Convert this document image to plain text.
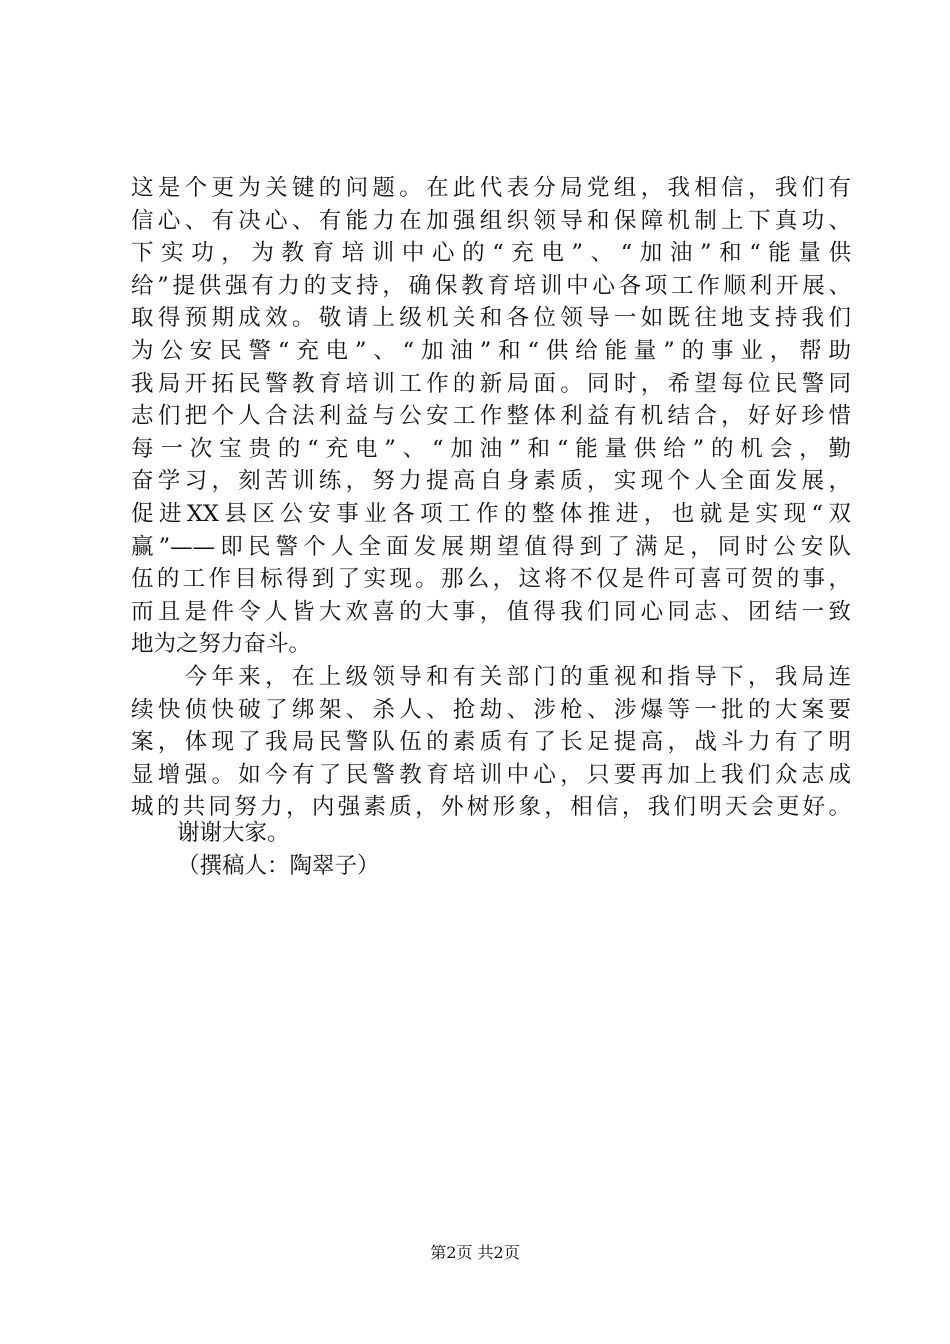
这是个更为关键的问题。在此代表分局党组，我相信，我们有
信心、有决心、有能力在加强组织领导和保障机制上下真功、
下实功，为教育培训中心的“充电”、“加油”和“能量供
给”提供强有力的支持，确保教育培训中心各项工作顺利开展、
取得预期成效。敬请上级机关和各位领导一如既往地支持我们
为公安民警“充电”、“加油”和“供给能量”的事业，帮助
我局开拓民警教育培训工作的新局面。同时，希望每位民警同
志们把个人合法利益与公安工作整体利益有机结合，好好珍惜
每一次宝贵的“充电”、“加油”和“能量供给”的机会，勤
奋学习，刻苦训练，努力提高自身素质，实现个人全面发展，
促进XX县区公安事业各项工作的整体推进，也就是实现“双
赢”——即民警个人全面发展期望值得到了满足，同时公安队
伍的工作目标得到了实现。那么，这将不仅是件可喜可贺的事，
而且是件令人皆大欢喜的大事，值得我们同心同志、团结一致
地为之努力奋斗。
　　今年来，在上级领导和有关部门的重视和指导下，我局连
续快侦快破了绑架、杀人、抢劫、涉枪、涉爆等一批的大案要
案，体现了我局民警队伍的素质有了长足提高，战斗力有了明
显增强。如今有了民警教育培训中心，只要再加上我们众志成
城的共同努力，内强素质，外树形象，相信，我们明天会更好。
谢谢大家。
（撰稿人：陶翠子）
第2页 共2页
